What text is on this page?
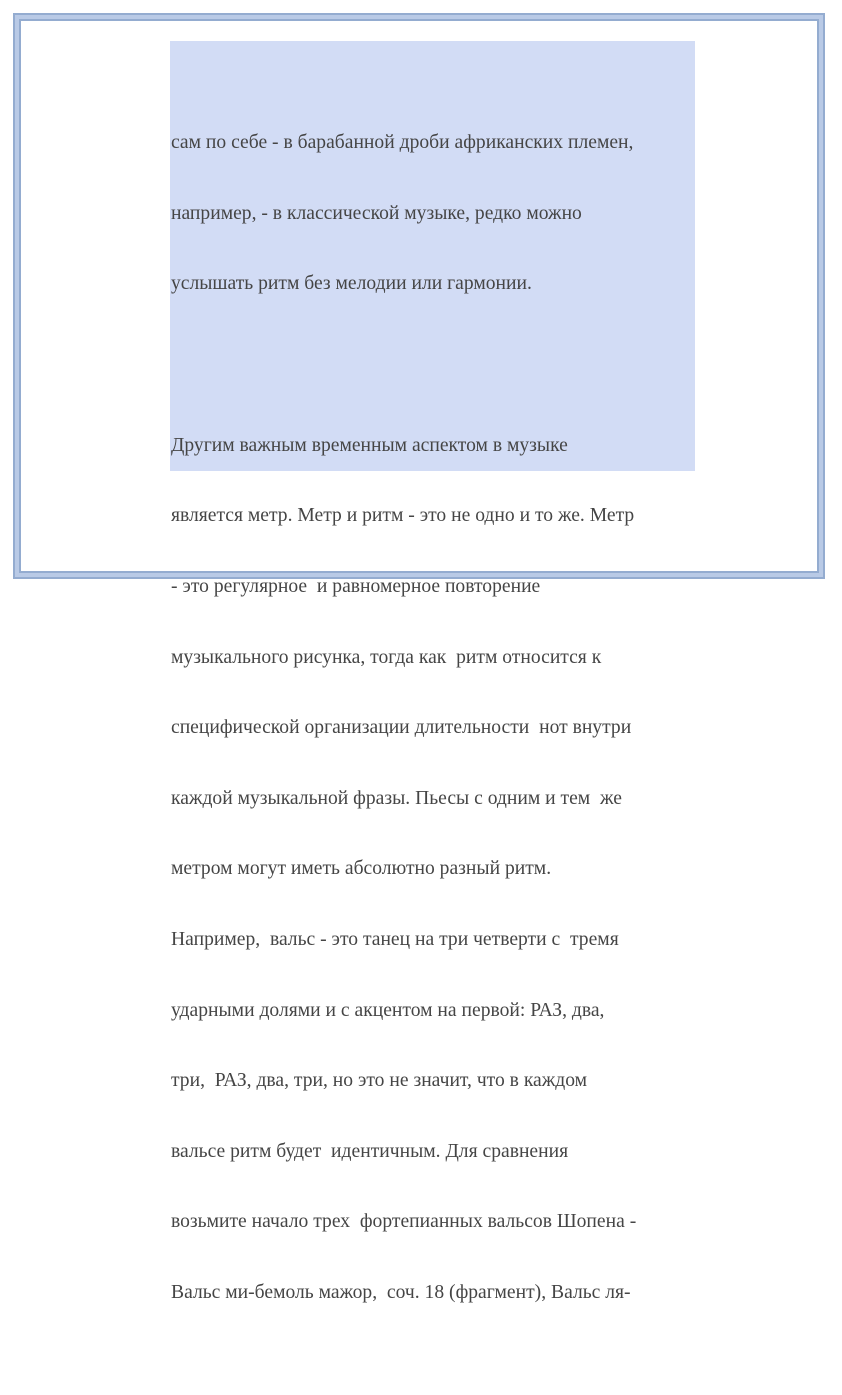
сам по себе - в барабанной дроби африканских племен,

например, - в классической музыке, редко можно

услышать ритм без мелодии или гармонии.

Другим важным временным аспектом в музыке

является метр. Метр и ритм - это не одно и то же. Метр

- это регулярное  и равномерное повторение

музыкального рисунка, тогда как  ритм относится к

специфической организации длительности  нот внутри

каждой музыкальной фразы. Пьесы с одним и тем  же

метром могут иметь абсолютно разный ритм.

Например,  вальс - это танец на три четверти с  тремя

ударными долями и с акцентом на первой: РАЗ, два,

три,  РАЗ, два, три, но это не значит, что в каждом

вальсе ритм будет  идентичным. Для сравнения

возьмите начало трех  фортепианных вальсов Шопена -

Вальс ми-бемоль мажор,  соч. 18 (фрагмент), Вальс ля-
